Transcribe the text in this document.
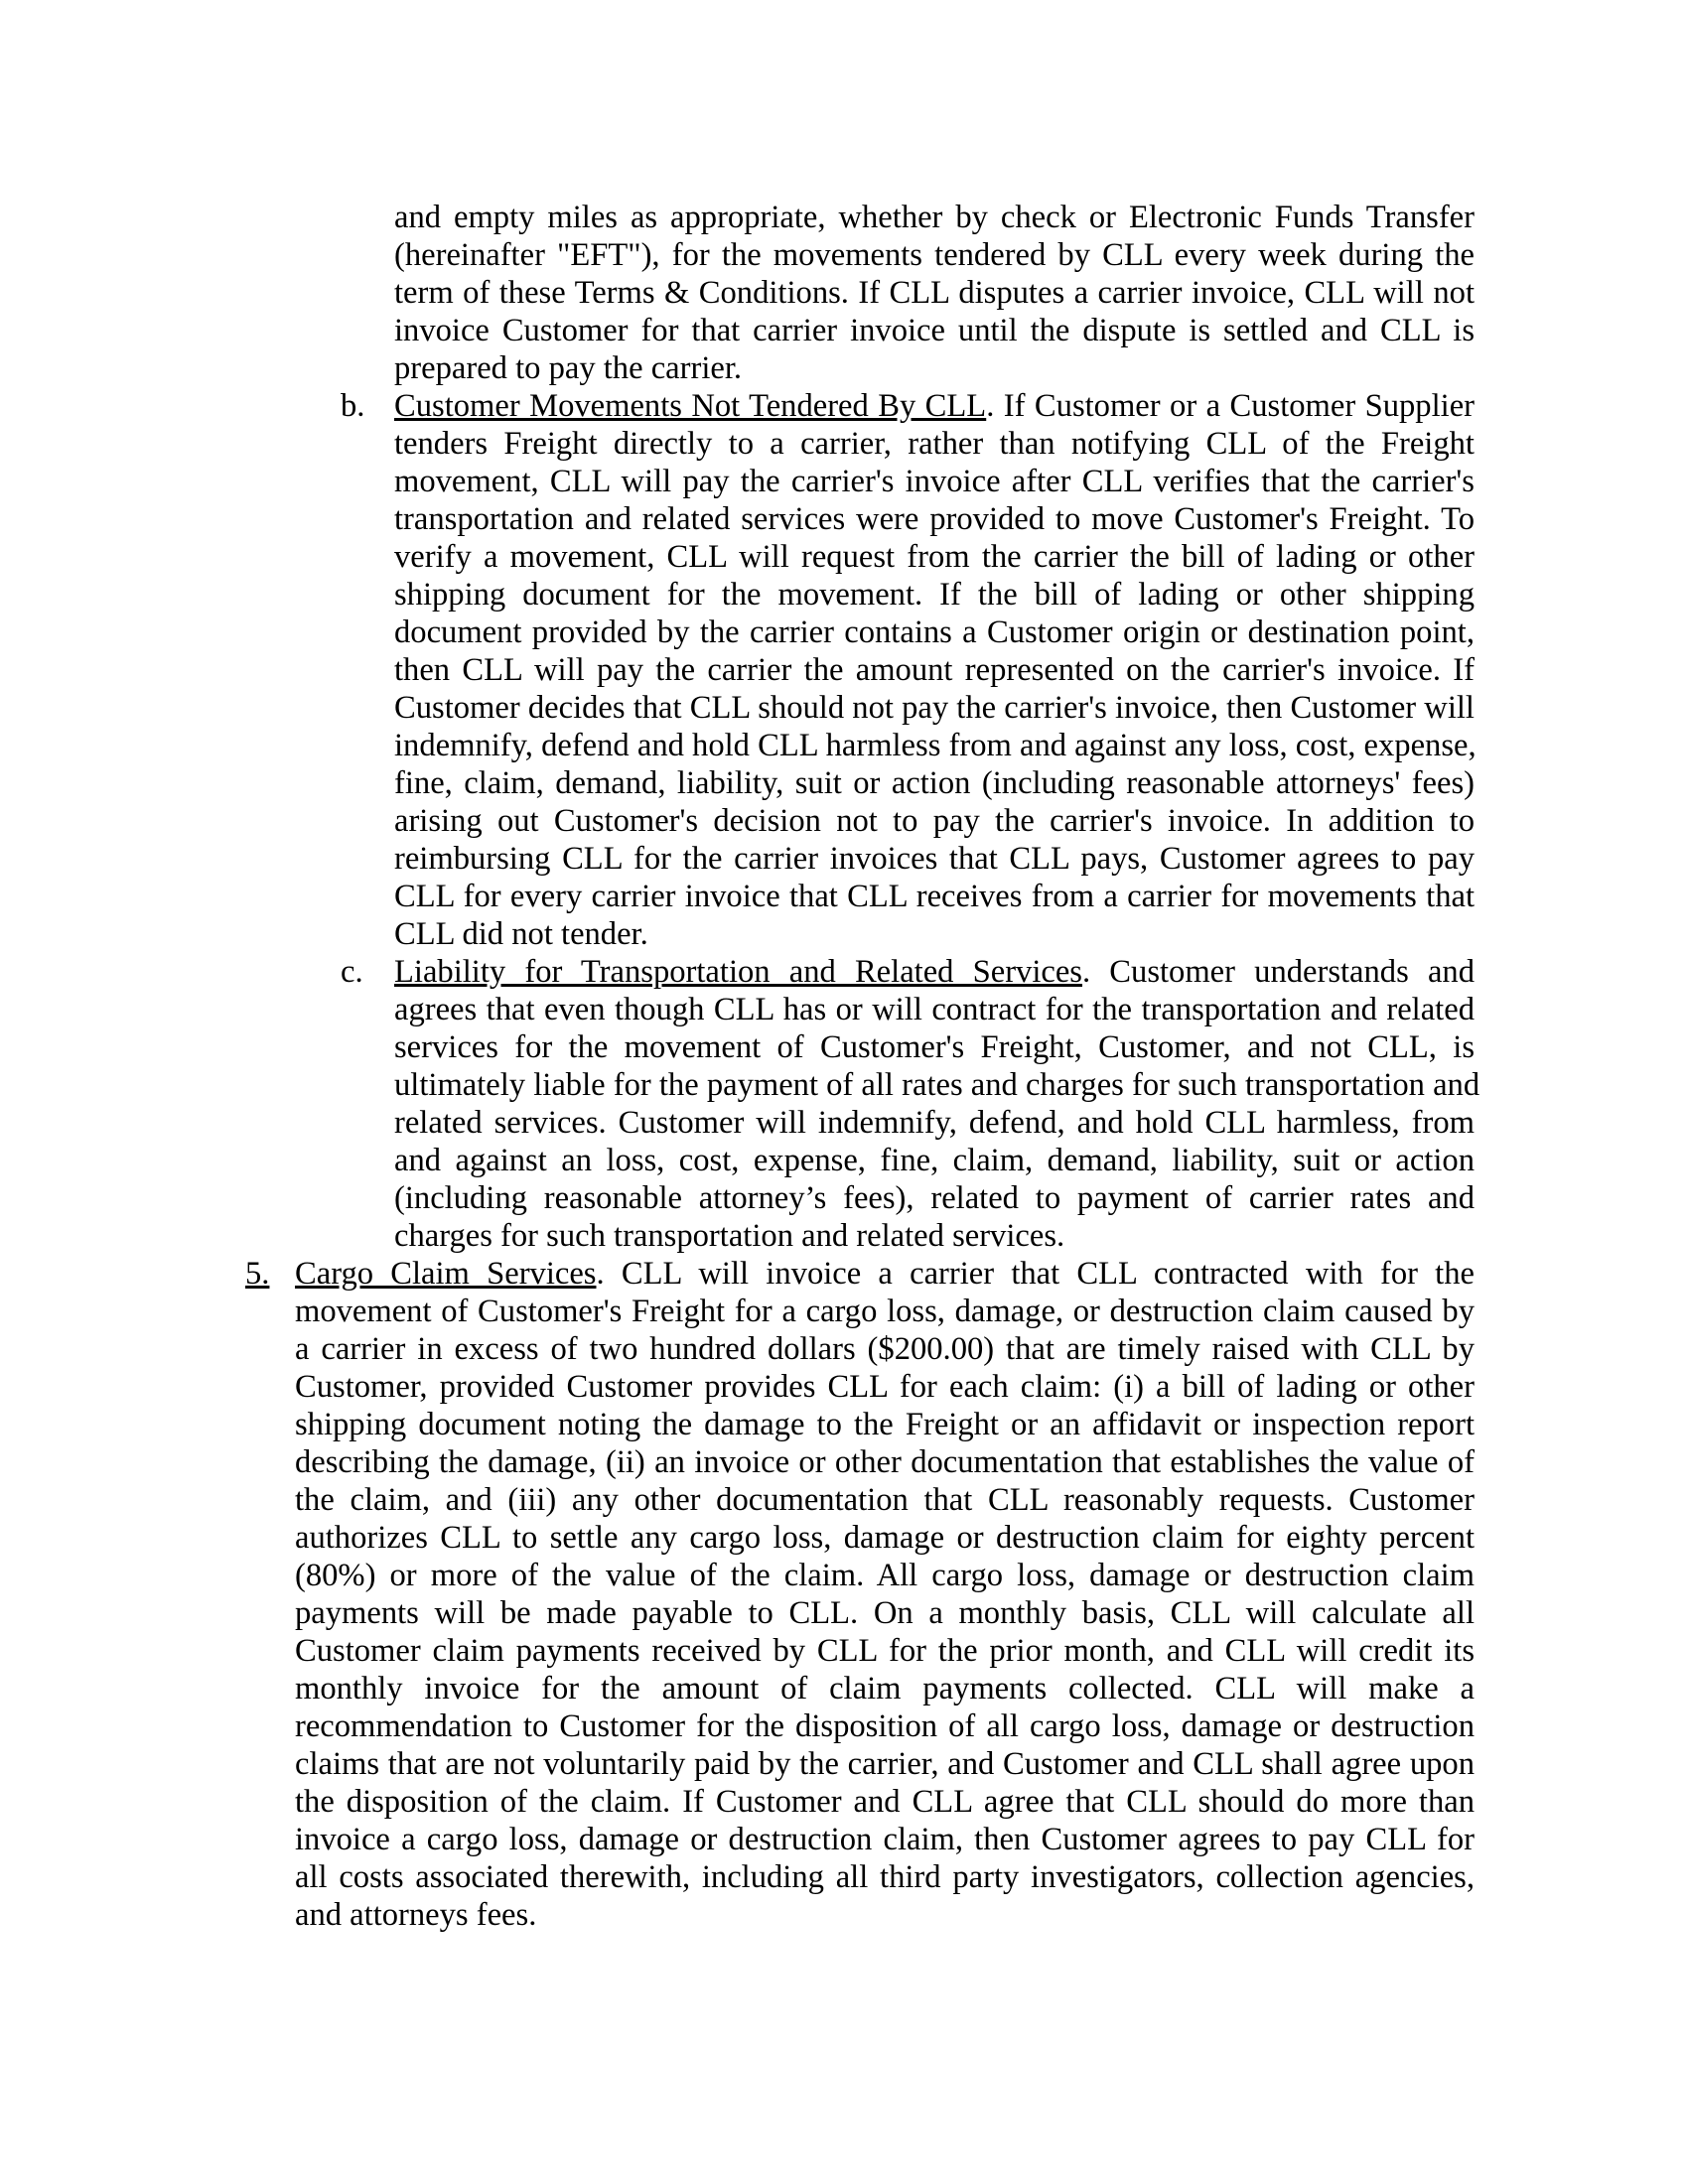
and empty miles as appropriate, whether by check or Electronic Funds Transfer
(hereinafter "EFT"), for the movements tendered by CLL every week during the
term of these Terms & Conditions. If CLL disputes a carrier invoice, CLL will not
invoice Customer for that carrier invoice until the dispute is settled and CLL is
prepared to pay the carrier.
b. Customer Movements Not Tendered By CLL. If Customer or a Customer Supplier
tenders Freight directly to a carrier, rather than notifying CLL of the Freight
movement, CLL will pay the carrier's invoice after CLL verifies that the carrier's
transportation and related services were provided to move Customer's Freight. To
verify a movement, CLL will request from the carrier the bill of lading or other
shipping document for the movement. If the bill of lading or other shipping
document provided by the carrier contains a Customer origin or destination point,
then CLL will pay the carrier the amount represented on the carrier's invoice. If
Customer decides that CLL should not pay the carrier's invoice, then Customer will
indemnify, defend and hold CLL harmless from and against any loss, cost, expense,
fine, claim, demand, liability, suit or action (including reasonable attorneys' fees)
arising out Customer's decision not to pay the carrier's invoice. In addition to
reimbursing CLL for the carrier invoices that CLL pays, Customer agrees to pay
CLL for every carrier invoice that CLL receives from a carrier for movements that
CLL did not tender.
c. Liability for Transportation and Related Services. Customer understands and
agrees that even though CLL has or will contract for the transportation and related
services for the movement of Customer's Freight, Customer, and not CLL, is
ultimately liable for the payment of all rates and charges for such transportation and
related services. Customer will indemnify, defend, and hold CLL harmless, from
and against an loss, cost, expense, fine, claim, demand, liability, suit or action
(including reasonable attorney’s fees), related to payment of carrier rates and
charges for such transportation and related services.
5. Cargo Claim Services. CLL will invoice a carrier that CLL contracted with for the
movement of Customer's Freight for a cargo loss, damage, or destruction claim caused by
a carrier in excess of two hundred dollars ($200.00) that are timely raised with CLL by
Customer, provided Customer provides CLL for each claim: (i) a bill of lading or other
shipping document noting the damage to the Freight or an affidavit or inspection report
describing the damage, (ii) an invoice or other documentation that establishes the value of
the claim, and (iii) any other documentation that CLL reasonably requests. Customer
authorizes CLL to settle any cargo loss, damage or destruction claim for eighty percent
(80%) or more of the value of the claim. All cargo loss, damage or destruction claim
payments will be made payable to CLL. On a monthly basis, CLL will calculate all
Customer claim payments received by CLL for the prior month, and CLL will credit its
monthly invoice for the amount of claim payments collected. CLL will make a
recommendation to Customer for the disposition of all cargo loss, damage or destruction
claims that are not voluntarily paid by the carrier, and Customer and CLL shall agree upon
the disposition of the claim. If Customer and CLL agree that CLL should do more than
invoice a cargo loss, damage or destruction claim, then Customer agrees to pay CLL for
all costs associated therewith, including all third party investigators, collection agencies,
and attorneys fees.
